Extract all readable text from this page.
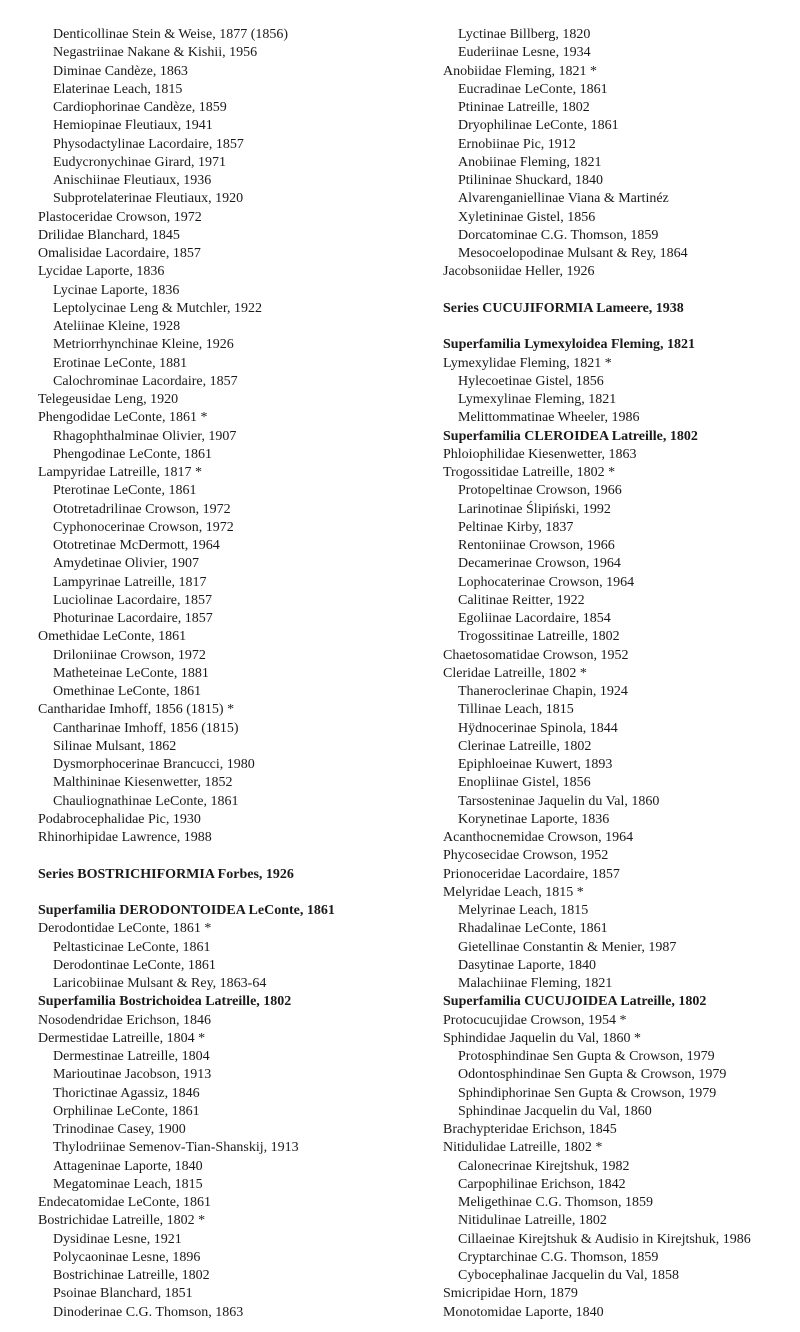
Denticollinae Stein & Weise, 1877 (1856)
Negastriinae Nakane & Kishii, 1956
Diminae Candèze, 1863
Elaterinae Leach, 1815
Cardiophorinae Candèze, 1859
Hemiopinae Fleutiaux, 1941
Physodactylinae Lacordaire, 1857
Eudycronychinae Girard, 1971
Anischiinae Fleutiaux, 1936
Subprotelaterinae Fleutiaux, 1920
Plastoceridae Crowson, 1972
Drilidae Blanchard, 1845
Omalisidae Lacordaire, 1857
Lycidae Laporte, 1836
Lycinae Laporte, 1836
Leptolycinae Leng & Mutchler, 1922
Ateliinae Kleine, 1928
Metriorrhynchinae Kleine, 1926
Erotinae LeConte, 1881
Calochrominae Lacordaire, 1857
Telegeusidae Leng, 1920
Phengodidae LeConte, 1861 *
Rhagophthalminae Olivier, 1907
Phengodinae LeConte, 1861
Lampyridae Latreille, 1817 *
Pterotinae LeConte, 1861
Ototretadrilinae Crowson, 1972
Cyphonocerinae Crowson, 1972
Ototretinae McDermott, 1964
Amydetinae Olivier, 1907
Lampyrinae Latreille, 1817
Luciolinae Lacordaire, 1857
Photurinae Lacordaire, 1857
Omethidae LeConte, 1861
Driloniinae Crowson, 1972
Matheteinae LeConte, 1881
Omethinae LeConte, 1861
Cantharidae Imhoff, 1856 (1815) *
Cantharinae Imhoff, 1856 (1815)
Silinae Mulsant, 1862
Dysmorphocerinae Brancucci, 1980
Malthininae Kiesenwetter, 1852
Chauliognathinae LeConte, 1861
Podabrocephalidae Pic, 1930
Rhinorhipidae Lawrence, 1988
Series BOSTRICHIFORMIA Forbes, 1926
Superfamilia DERODONTOIDEA LeConte, 1861
Derodontidae LeConte, 1861 *
Peltasticinae LeConte, 1861
Derodontinae LeConte, 1861
Laricobiinae Mulsant & Rey, 1863-64
Superfamilia Bostrichoidea Latreille, 1802
Nosodendridae Erichson, 1846
Dermestidae Latreille, 1804 *
Dermestinae Latreille, 1804
Marioutinae Jacobson, 1913
Thorictinae Agassiz, 1846
Orphilinae LeConte, 1861
Trinodinae Casey, 1900
Thylodriinae Semenov-Tian-Shanskij, 1913
Attageninae Laporte, 1840
Megatominae Leach, 1815
Endecatomidae LeConte, 1861
Bostrichidae Latreille, 1802 *
Dysidinae Lesne, 1921
Polycaoninae Lesne, 1896
Bostrichinae Latreille, 1802
Psoinae Blanchard, 1851
Dinoderinae C.G. Thomson, 1863
Lyctinae Billberg, 1820
Euderiinae Lesne, 1934
Anobiidae Fleming, 1821 *
Eucradinae LeConte, 1861
Ptininae Latreille, 1802
Dryophilinae LeConte, 1861
Ernobiinae Pic, 1912
Anobiinae Fleming, 1821
Ptilininae Shuckard, 1840
Alvarenganiellinae Viana & Martinéz
Xyletininae Gistel, 1856
Dorcatominae C.G. Thomson, 1859
Mesocoelopodinae Mulsant & Rey, 1864
Jacobsoniidae Heller, 1926
Series CUCUJIFORMIA Lameere, 1938
Superfamilia Lymexyloidea Fleming, 1821
Lymexylidae Fleming, 1821 *
Hylecoetinae Gistel, 1856
Lymexylinae Fleming, 1821
Melittommatinae Wheeler, 1986
Superfamilia CLEROIDEA Latreille, 1802
Phloiophilidae Kiesenwetter, 1863
Trogossitidae Latreille, 1802 *
Protopeltinae Crowson, 1966
Larinotinae Ślipiński, 1992
Peltinae Kirby, 1837
Rentoniinae Crowson, 1966
Decamerinae Crowson, 1964
Lophocaterinae Crowson, 1964
Calitinae Reitter, 1922
Egoliinae Lacordaire, 1854
Trogossitinae Latreille, 1802
Chaetosomatidae Crowson, 1952
Cleridae Latreille, 1802 *
Thaneroclerinae Chapin, 1924
Tillinae Leach, 1815
Hÿdnocerinae Spinola, 1844
Clerinae Latreille, 1802
Epiphloeinae Kuwert, 1893
Enopliinae Gistel, 1856
Tarsosteninae Jaquelin du Val, 1860
Korynetinae Laporte, 1836
Acanthocnemidae Crowson, 1964
Phycosecidae Crowson, 1952
Prionoceridae Lacordaire, 1857
Melyridae Leach, 1815 *
Melyrinae Leach, 1815
Rhadalinae LeConte, 1861
Gietellinae Constantin & Menier, 1987
Dasytinae Laporte, 1840
Malachiinae Fleming, 1821
Superfamilia CUCUJOIDEA Latreille, 1802
Protocucujidae Crowson, 1954 *
Sphindidae Jaquelin du Val, 1860 *
Protosphindinae Sen Gupta & Crowson, 1979
Odontosphindinae Sen Gupta & Crowson, 1979
Sphindiphorinae Sen Gupta & Crowson, 1979
Sphindinae Jacquelin du Val, 1860
Brachypteridae Erichson, 1845
Nitidulidae Latreille, 1802 *
Calonecrinae Kirejtshuk, 1982
Carpophilinae Erichson, 1842
Meligethinae C.G. Thomson, 1859
Nitidulinae Latreille, 1802
Cillaeinae Kirejtshuk & Audisio in Kirejtshuk, 1986
Cryptarchinae C.G. Thomson, 1859
Cybocephalinae Jacquelin du Val, 1858
Smicripidae Horn, 1879
Monotomidae Laporte, 1840
